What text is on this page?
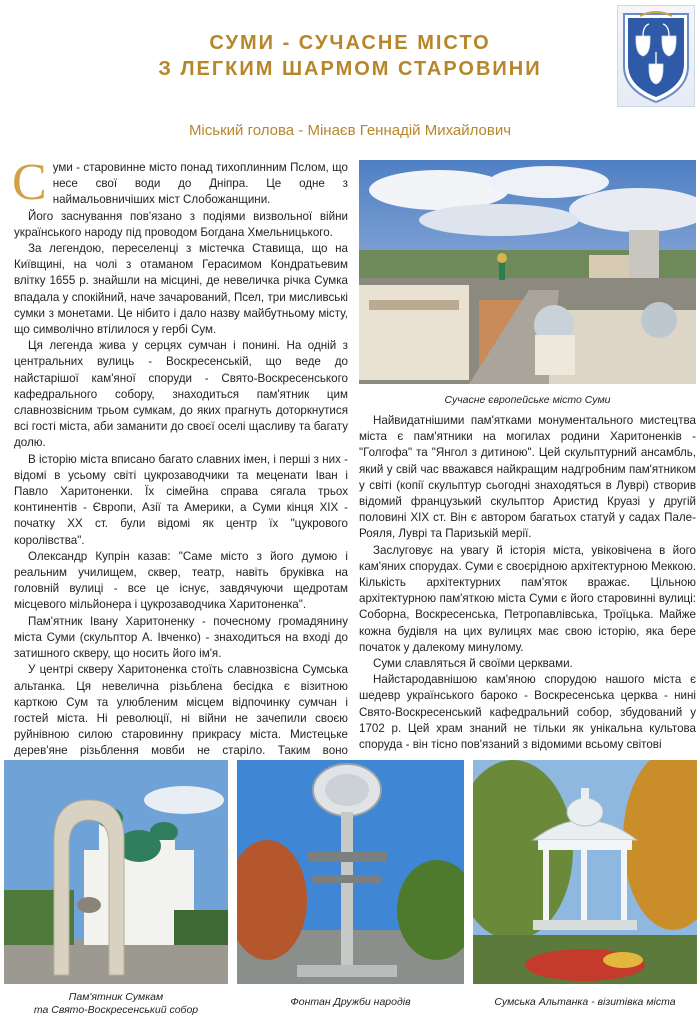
СУМИ - СУЧАСНЕ МІСТО
З ЛЕГКИМ ШАРМОМ СТАРОВИНИ
Міський голова - Мінаєв Геннадій Михайлович

Суми - старовинне місто понад тихоплинним Пслом, що несе свої води до Дніпра. Це одне з наймальовничіших міст Слобожанщини.

Його заснування пов'язано з подіями визвольної війни українського народу під проводом Богдана Хмельницького.

За легендою, переселенці з містечка Ставища, що на Київщині, на чолі з отаманом Герасимом Кондратьевим влітку 1655 р. знайшли на місцині, де невеличка річка Сумка впадала у спокійний, наче зачарований, Псел, три мисливські сумки з монетами. Це нібито і дало назву майбутньому місту, що символічно втілилося у гербі Сум.

Ця легенда жива у серцях сумчан і понині. На одній з центральних вулиць - Воскресенській, що веде до найстарішої кам'яної споруди - Свято-Воскресенського кафедрального собору, знаходиться пам'ятник цим славнозвісним трьом сумкам, до яких прагнуть доторкнутися всі гості міста, аби заманити до своєї оселі щасливу та багату долю.

В історію міста вписано багато славних імен, і перші з них - відомі в усьому світі цукрозаводчики та меценати Іван і Павло Харитоненки. Їх сімейна справа сягала трьох континентів - Європи, Азії та Америки, а Суми кінця XIX - початку XX ст. були відомі як центр їх "цукрового королівства".

Олександр Купрін казав: "Саме місто з його думою і реальним училищем, сквер, театр, навіть бруківка на головній вулиці - все це існує, завдячуючи щедротам місцевого мільйонера і цукрозаводчика Харитоненка".

Пам'ятник Івану Харитоненку - почесному громадянину міста Суми (скульптор А. Івченко) - знаходиться на вході до затишного скверу, що носить його ім'я.

У центрі скверу Харитоненка стоїть славнозвісна Сумська альтанка. Ця невелична різьблена бесідка є візитною карткою Сум та улюбленим місцем відпочинку сумчан і гостей міста. Ні революції, ні війни не зачепили своєю руйнівною силою старовинну прикрасу міста. Мистецьке дерев'яне різьблення мовби не старіло. Таким воно

Сучасне європейське місто Суми

Найвидатнішими пам'ятками монументального мистецтва міста є пам'ятники на могилах родини Харитоненків - "Голгофа" та "Янгол з дитиною". Цей скульптурний ансамбль, який у свій час вважався найкращим надгробним пам'ятником у світі (копії скульптур сьогодні знаходяться в Луврі) створив відомий французький скульптор Аристид Круазі у другій половині XIX ст. Він є автором багатьох статуй у садах Пале-Рояля, Луврі та Паризькій мерії.

Заслуговує на увагу й історія міста, увіковічена в його кам'яних спорудах. Суми є своєрідною архітектурною Меккою. Кількість архітектурних пам'яток вражає. Цільною архітектурною пам'яткою міста Суми є його старовинні вулиці: Соборна, Воскресенська, Петропавлівська, Троїцька. Майже кожна будівля на цих вулицях має свою історію, яка бере початок у далекому минулому.

Суми славляться й своїми церквами.

Найстародавнішою кам'яною спорудою нашого міста є шедевр українського бароко - Воскресенська церква - нині Свято-Воскресенський кафедральний собор, збудований у 1702 р. Цей храм знаний не тільки як унікальна культова споруда - він тісно пов'язаний з відомими всьому світові

Пам'ятник Сумкам
та Свято-Воскресенський собор
Фонтан Дружби народів	Сумська Альтанка - візитівка міста
